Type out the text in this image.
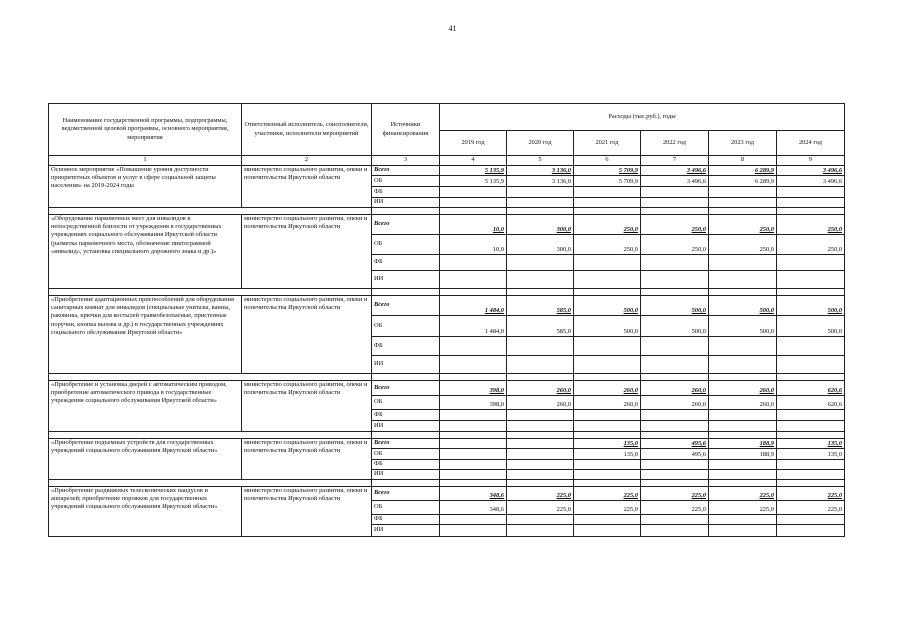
41
Наименование государственной программы, подпрограммы, ведомственной целевой программы, основного мероприятия, мероприятия	Ответственный исполнитель, соисполнители, участники, исполнители мероприятий	Источники финансирования	Расходы (тыс.руб.), годы					
			2019 год	2020 год	2021 год	2022 год	2023 год	2024 год
1	2	3	4	5	6	7	8	9
Основное мероприятие «Повышение уровня доступности приоритетных объектов и услуг в сфере социальной защиты населения» на 2019-2024 годы	министерство социального развития, опеки и попечительства Иркутской области	Всего	5 135,9	3 136,0	5 709,9	3 496,6	6 289,9	3 496,6
		ОБ	5 135,9	3 136,0	5 709,9	3 496,6	6 289,9	3 496,6
		ФБ						
		ИИ						

«Оборудование парковочных мест для инвалидов в непосредственной близости от учреждения в государственных учреждениях социального обслуживания Иркутской области (разметка парковочного места, обозначение пиктограммой «инвалид», установка специального дорожного знака и др.)»	министерство социального развития, опеки и попечительства Иркутской области	Всего	10,0	300,0	250,0	250,0	250,0	250,0
		ОБ	10,0	300,0	250,0	250,0	250,0	250,0
		ФБ						
		ИИ						

«Приобретение адаптационных приспособлений для оборудования санитарных комнат для инвалидов (специальные унитазы, ванны, раковины, крючки для костылей травмобезопасные, пристенные поручни, кнопка вызова и др.) в государственных учреждениях социального обслуживания Иркутской области»	министерство социального развития, опеки и попечительства Иркутской области	Всего	1 484,0	585,0	500,0	500,0	500,0	500,0
		ОБ	1 484,0	585,0	500,0	500,0	500,0	500,0
		ФБ						
		ИИ						

«Приобретение и установка дверей с автоматическим приводом, приобретение автоматического привода в государственные учреждения социального обслуживания Иркутской области»	министерство социального развития, опеки и попечительства Иркутской области	Всего	398,0	260,0	260,0	260,0	260,0	620,6
		ОБ	398,0	260,0	260,0	260,0	260,0	620,6
		ФБ						
		ИИ						

«Приобретение подъемных устройств для государственных учреждений социального обслуживания Иркутской области»	министерство социального развития, опеки и попечительства Иркутской области	Всего			135,0	495,6	188,9	135,0
		ОБ			135,0	495,6	188,9	135,0
		ФБ						
		ИИ						

«Приобретение раздвижных телескопических пандусов и аппарелей; приобретение порожков для государственных учреждений социального обслуживания Иркутской области»	министерство социального развития, опеки и попечительства Иркутской области	Всего	348,6	225,0	225,0	225,0	225,0	225,0
		ОБ	348,6	225,0	225,0	225,0	225,0	225,0
		ФБ						
		ИИ						
